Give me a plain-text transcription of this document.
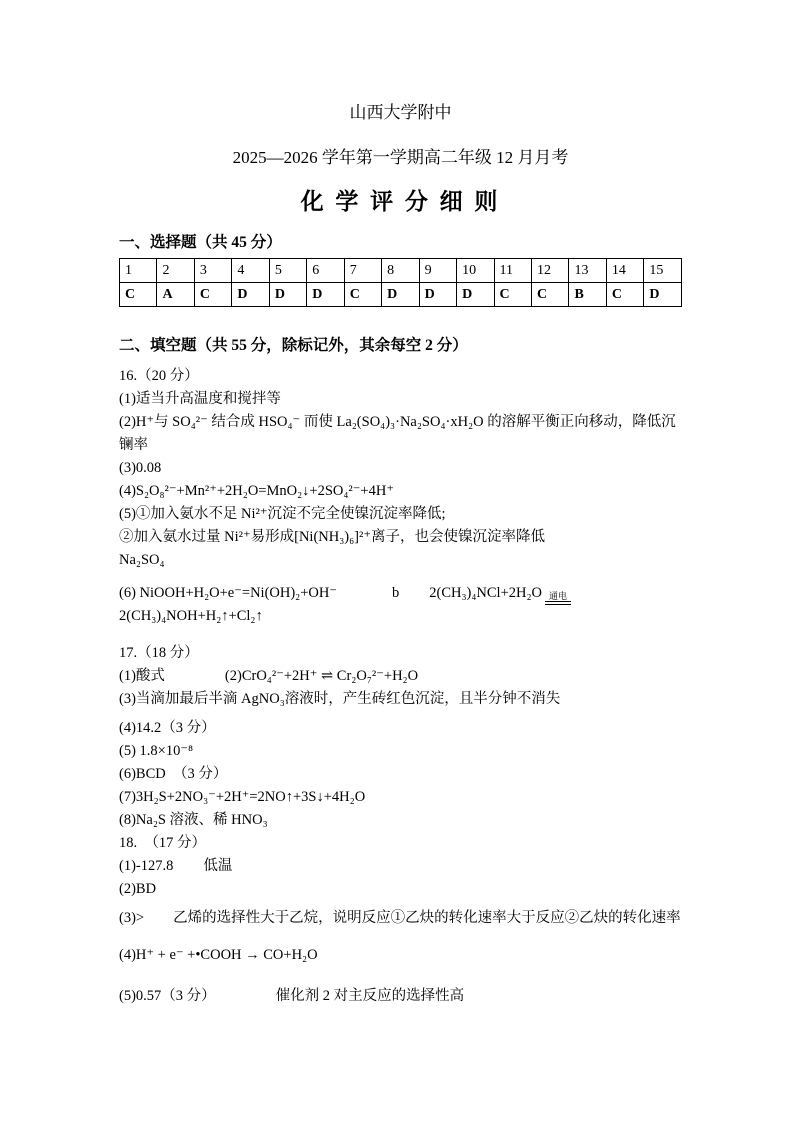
山西大学附中
2025—2026 学年第一学期高二年级 12 月月考
化 学 评 分 细 则
一、选择题（共 45 分）
1	2	3	4	5	6	7	8	9	10	11	12	13	14	15
C	A	C	D	D	D	C	D	D	D	C	C	B	C	D
二、填空题（共 55 分，除标记外，其余每空 2 分）
16.（20 分）
(1)适当升高温度和搅拌等
(2)H⁺与 SO₄²⁻ 结合成 HSO₄⁻ 而使 La₂(SO₄)₃·Na₂SO₄·xH₂O 的溶解平衡正向移动，降低沉镧率
(3)0.08
(4)S₂O₈²⁻+Mn²⁺+2H₂O=MnO₂↓+2SO₄²⁻+4H⁺
(5)①加入氨水不足 Ni²⁺沉淀不完全使镍沉淀率降低;
②加入氨水过量 Ni²⁺易形成[Ni(NH₃)₆]²⁺离子，也会使镍沉淀率降低Na₂SO₄
(6) NiOOH+H₂O+e⁻=Ni(OH)₂+OH⁻	b 2(CH₃)₄NCl+2H₂O 通电
2(CH₃)₄NOH+H₂↑+Cl₂↑
17.（18 分）
(1)酸式	(2)CrO₄²⁻+2H⁺ ⇌ Cr₂O₇²⁻+H₂O
(3)当滴加最后半滴 AgNO₃溶液时，产生砖红色沉淀，且半分钟不消失
(4)14.2（3 分）
(5) 1.8×10⁻⁸
(6)BCD　（3 分）
(7)3H₂S+2NO₃⁻+2H⁺=2NO↑+3S↓+4H₂O
(8)Na₂S 溶液、稀 HNO₃
18.　（17 分）
(1)-127.8 低温
(2)BD
(3)>　　乙烯的选择性大于乙烷，说明反应①乙炔的转化速率大于反应②乙炔的转化速率
(4)H⁺ + e⁻ +•COOH → CO+H₂O
(5)0.57（3 分）	催化剂 2 对主反应的选择性高
